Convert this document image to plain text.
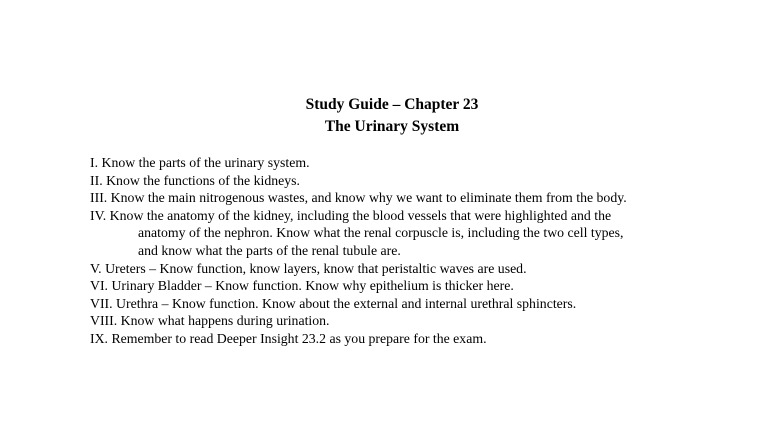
Study Guide – Chapter 23
The Urinary System
I. Know the parts of the urinary system.
II. Know the functions of the kidneys.
III. Know the main nitrogenous wastes, and know why we want to eliminate them from the body.
IV. Know the anatomy of the kidney, including the blood vessels that were highlighted and the
anatomy of the nephron. Know what the renal corpuscle is, including the two cell types,
and know what the parts of the renal tubule are.
V. Ureters – Know function, know layers, know that peristaltic waves are used.
VI. Urinary Bladder – Know function. Know why epithelium is thicker here.
VII. Urethra – Know function. Know about the external and internal urethral sphincters.
VIII. Know what happens during urination.
IX. Remember to read Deeper Insight 23.2 as you prepare for the exam.
